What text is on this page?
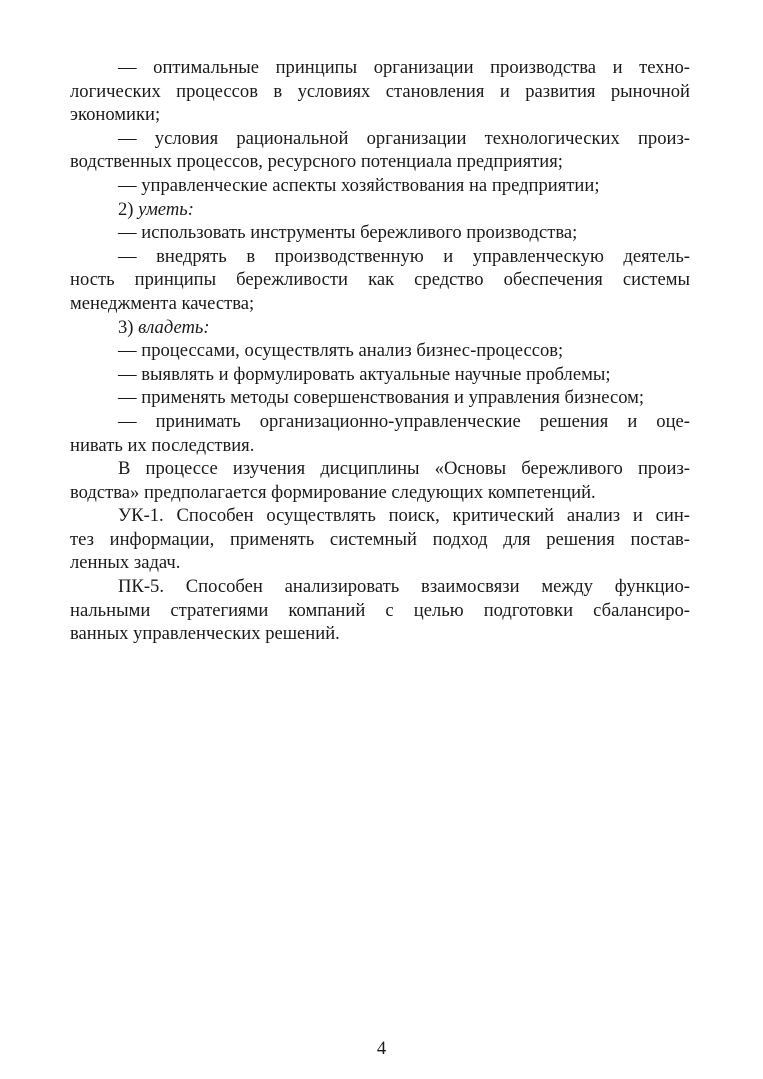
— оптимальные принципы организации производства и техно-
логических процессов в условиях становления и развития рыночной
экономики;
— условия рациональной организации технологических произ-
водственных процессов, ресурсного потенциала предприятия;
— управленческие аспекты хозяйствования на предприятии;
2) уметь:
— использовать инструменты бережливого производства;
— внедрять в производственную и управленческую деятель-
ность принципы бережливости как средство обеспечения системы
менеджмента качества;
3) владеть:
— процессами, осуществлять анализ бизнес-процессов;
— выявлять и формулировать актуальные научные проблемы;
— применять методы совершенствования и управления бизнесом;
— принимать организационно-управленческие решения и оце-
нивать их последствия.
В процессе изучения дисциплины «Основы бережливого произ-
водства» предполагается формирование следующих компетенций.
УК-1. Способен осуществлять поиск, критический анализ и син-
тез информации, применять системный подход для решения постав-
ленных задач.
ПК-5. Способен анализировать взаимосвязи между функцио-
нальными стратегиями компаний с целью подготовки сбалансиро-
ванных управленческих решений.
4
